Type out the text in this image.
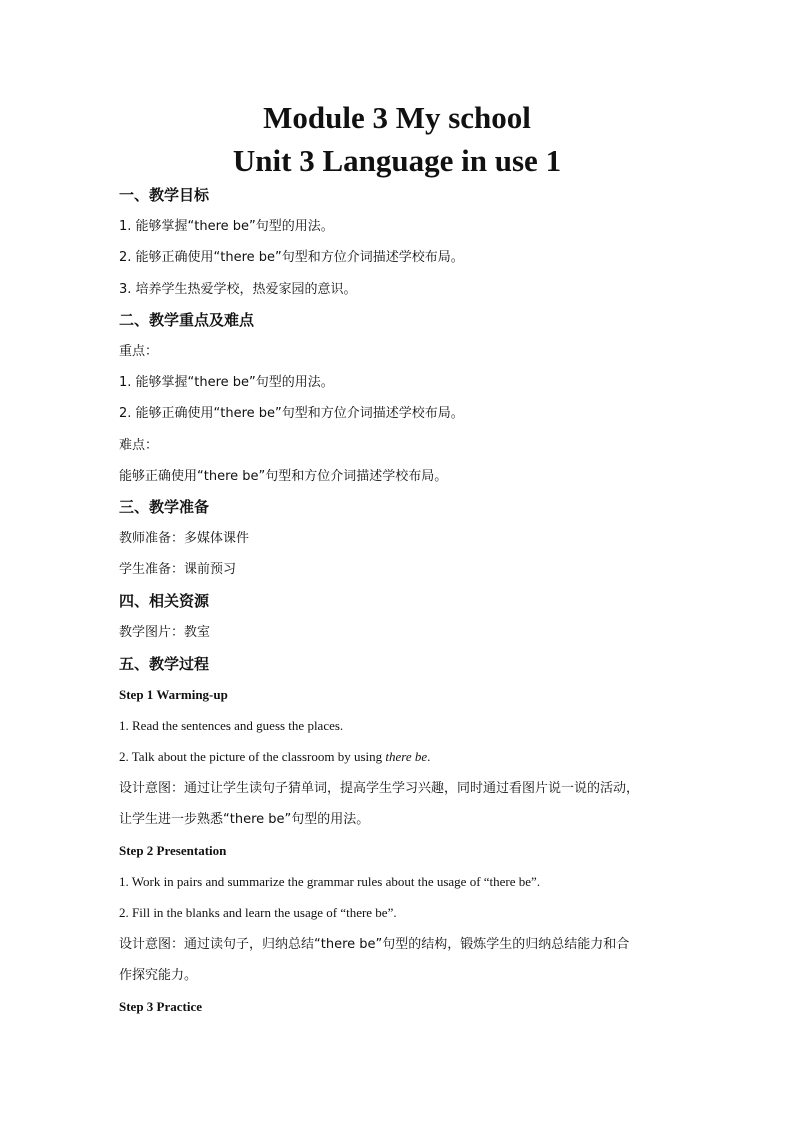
Module 3 My school
Unit 3 Language in use 1
一、教学目标
1. 能够掌握“there be”句型的用法。
2. 能够正确使用“there be”句型和方位介词描述学校布局。
3. 培养学生热爱学校，热爱家园的意识。
二、教学重点及难点
重点：
1. 能够掌握“there be”句型的用法。
2. 能够正确使用“there be”句型和方位介词描述学校布局。
难点：
能够正确使用“there be”句型和方位介词描述学校布局。
三、教学准备
教师准备：多媒体课件
学生准备：课前预习
四、相关资源
教学图片：教室
五、教学过程
Step 1 Warming-up
1. Read the sentences and guess the places.
2. Talk about the picture of the classroom by using there be.
设计意图：通过让学生读句子猜单词，提高学生学习兴趣，同时通过看图片说一说的活动，
让学生进一步熟悉“there be”句型的用法。
Step 2 Presentation
1. Work in pairs and summarize the grammar rules about the usage of “there be”.
2. Fill in the blanks and learn the usage of “there be”.
设计意图：通过读句子，归纳总结“there be”句型的结构，锻炼学生的归纳总结能力和合
作探究能力。
Step 3 Practice
